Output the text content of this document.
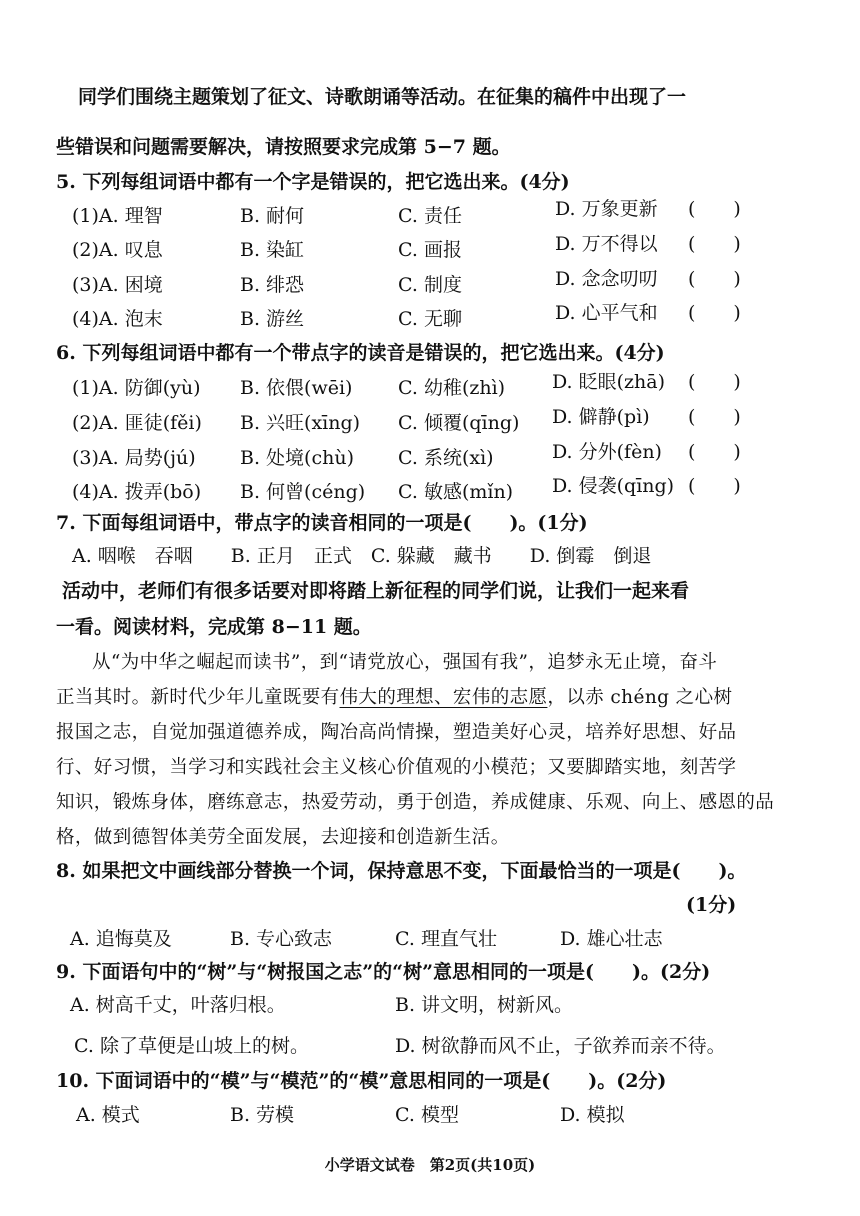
同学们围绕主题策划了征文、诗歌朗诵等活动。在征集的稿件中出现了一
些错误和问题需要解决，请按照要求完成第 5−7 题。
5. 下列每组词语中都有一个字是错误的，把它选出来。(4分)
(1)A. 理智	B. 耐何	C. 责任	D. 万象更新 (　　)
(2)A. 叹息	B. 染缸	C. 画报	D. 万不得以 (　　)
(3)A. 困境	B. 绯恐	C. 制度	D. 念念叨叨 (　　)
(4)A. 泡末	B. 游丝	C. 无聊	D. 心平气和 (　　)
6. 下列每组词语中都有一个带点字的读音是错误的，把它选出来。(4分)
(1)A. 防御(yù) B. 依偎(wēi) C. 幼稚(zhì) D. 眨眼(zhā) (　　)
(2)A. 匪徒(fěi) B. 兴旺(xīng) C. 倾覆(qīng) D. 僻静(pì) (　　)
(3)A. 局势(jú) B. 处境(chù) C. 系统(xì)	D. 分外(fèn) (　　)
(4)A. 拨弄(bō) B. 何曾(céng) C. 敏感(mǐn) D. 侵袭(qīng) (　　)
7. 下面每组词语中，带点字的读音相同的一项是(　　)。(1分)
A. 咽喉　吞咽　　B. 正月　正式　C. 躲藏　藏书　　D. 倒霉　倒退
活动中，老师们有很多话要对即将踏上新征程的同学们说，让我们一起来看
一看。阅读材料，完成第 8−11 题。
从“为中华之崛起而读书”，到“请党放心，强国有我”，追梦永无止境，奋斗
正当其时。新时代少年儿童既要有伟大的理想、宏伟的志愿，以赤 chéng 之心树
报国之志，自觉加强道德养成，陶冶高尚情操，塑造美好心灵，培养好思想、好品
行、好习惯，当学习和实践社会主义核心价值观的小模范；又要脚踏实地，刻苦学
知识，锻炼身体，磨练意志，热爱劳动，勇于创造，养成健康、乐观、向上、感恩的品
格，做到德智体美劳全面发展，去迎接和创造新生活。
8. 如果把文中画线部分替换一个词，保持意思不变，下面最恰当的一项是(　　)。
(1分)
A. 追悔莫及	B. 专心致志	C. 理直气壮	D. 雄心壮志
9. 下面语句中的“树”与“树报国之志”的“树”意思相同的一项是(　　)。(2分)
A. 树高千丈，叶落归根。	B. 讲文明，树新风。
C. 除了草便是山坡上的树。	D. 树欲静而风不止，子欲养而亲不待。
10. 下面词语中的“模”与“模范”的“模”意思相同的一项是(　　)。(2分)
A. 模式	B. 劳模	C. 模型	D. 模拟
小学语文试卷　第2页(共10页)
